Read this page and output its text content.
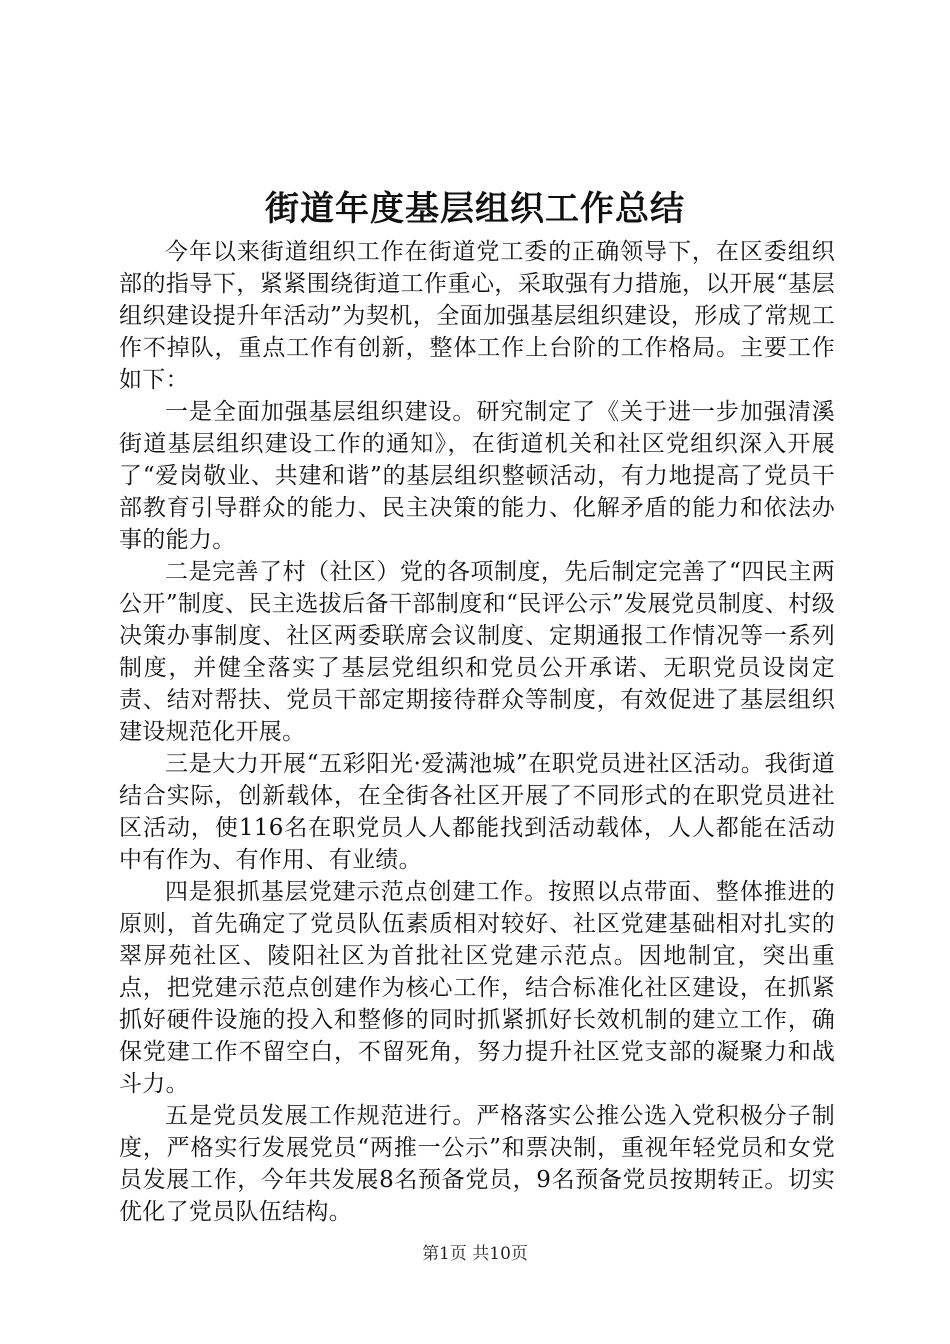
街道年度基层组织工作总结

今年以来街道组织工作在街道党工委的正确领导下，在区委组织部的指导下，紧紧围绕街道工作重心，采取强有力措施，以开展“基层组织建设提升年活动”为契机，全面加强基层组织建设，形成了常规工作不掉队，重点工作有创新，整体工作上台阶的工作格局。主要工作如下：

一是全面加强基层组织建设。研究制定了《关于进一步加强清溪街道基层组织建设工作的通知》，在街道机关和社区党组织深入开展了“爱岗敬业、共建和谐”的基层组织整顿活动，有力地提高了党员干部教育引导群众的能力、民主决策的能力、化解矛盾的能力和依法办事的能力。

二是完善了村（社区）党的各项制度，先后制定完善了“四民主两公开”制度、民主选拔后备干部制度和“民评公示”发展党员制度、村级决策办事制度、社区两委联席会议制度、定期通报工作情况等一系列制度，并健全落实了基层党组织和党员公开承诺、无职党员设岗定责、结对帮扶、党员干部定期接待群众等制度，有效促进了基层组织建设规范化开展。

三是大力开展“五彩阳光·爱满池城”在职党员进社区活动。我街道结合实际，创新载体，在全街各社区开展了不同形式的在职党员进社区活动，使116名在职党员人人都能找到活动载体，人人都能在活动中有作为、有作用、有业绩。

四是狠抓基层党建示范点创建工作。按照以点带面、整体推进的原则，首先确定了党员队伍素质相对较好、社区党建基础相对扎实的翠屏苑社区、陵阳社区为首批社区党建示范点。因地制宜，突出重点，把党建示范点创建作为核心工作，结合标准化社区建设，在抓紧抓好硬件设施的投入和整修的同时抓紧抓好长效机制的建立工作，确保党建工作不留空白，不留死角，努力提升社区党支部的凝聚力和战斗力。

五是党员发展工作规范进行。严格落实公推公选入党积极分子制度，严格实行发展党员“两推一公示”和票决制，重视年轻党员和女党员发展工作，今年共发展8名预备党员，9名预备党员按期转正。切实优化了党员队伍结构。

第1页 共10页
